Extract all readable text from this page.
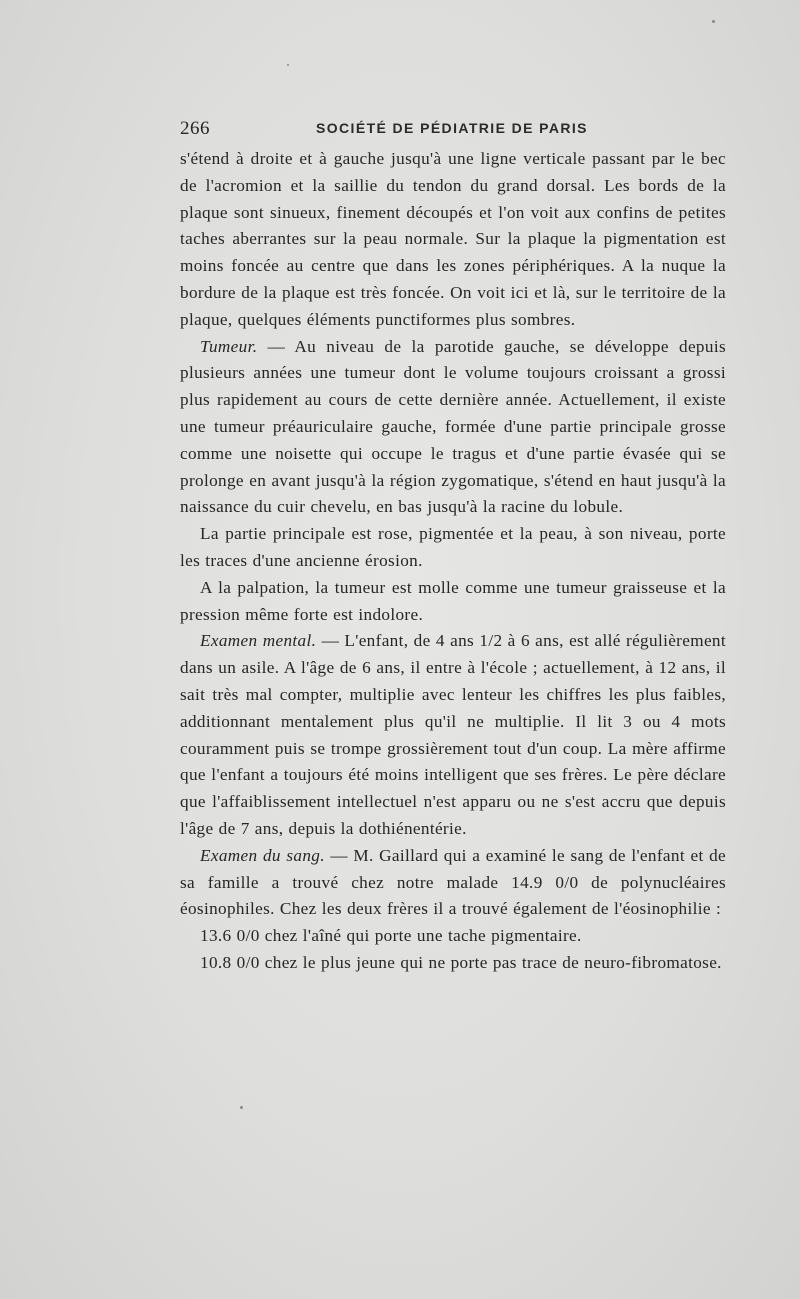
266	SOCIÉTÉ DE PÉDIATRIE DE PARIS

s'étend à droite et à gauche jusqu'à une ligne verticale passant par le bec de l'acromion et la saillie du tendon du grand dorsal. Les bords de la plaque sont sinueux, finement découpés et l'on voit aux confins de petites taches aberrantes sur la peau normale. Sur la plaque la pigmentation est moins foncée au centre que dans les zones périphériques. A la nuque la bordure de la plaque est très foncée. On voit ici et là, sur le territoire de la plaque, quelques éléments punctiformes plus sombres.

Tumeur. — Au niveau de la parotide gauche, se développe depuis plusieurs années une tumeur dont le volume toujours croissant a grossi plus rapidement au cours de cette dernière année. Actuellement, il existe une tumeur préauriculaire gauche, formée d'une partie principale grosse comme une noisette qui occupe le tragus et d'une partie évasée qui se prolonge en avant jusqu'à la région zygomatique, s'étend en haut jusqu'à la naissance du cuir chevelu, en bas jusqu'à la racine du lobule.

La partie principale est rose, pigmentée et la peau, à son niveau, porte les traces d'une ancienne érosion.

A la palpation, la tumeur est molle comme une tumeur graisseuse et la pression même forte est indolore.

Examen mental. — L'enfant, de 4 ans 1/2 à 6 ans, est allé régulièrement dans un asile. A l'âge de 6 ans, il entre à l'école ; actuellement, à 12 ans, il sait très mal compter, multiplie avec lenteur les chiffres les plus faibles, additionnant mentalement plus qu'il ne multiplie. Il lit 3 ou 4 mots couramment puis se trompe grossièrement tout d'un coup. La mère affirme que l'enfant a toujours été moins intelligent que ses frères. Le père déclare que l'affaiblissement intellectuel n'est apparu ou ne s'est accru que depuis l'âge de 7 ans, depuis la dothiénentérie.

Examen du sang. — M. Gaillard qui a examiné le sang de l'enfant et de sa famille a trouvé chez notre malade 14.9 0/0 de polynucléaires éosinophiles. Chez les deux frères il a trouvé également de l'éosinophilie :

13.6 0/0 chez l'aîné qui porte une tache pigmentaire.

10.8 0/0 chez le plus jeune qui ne porte pas trace de neuro-fibromatose.
